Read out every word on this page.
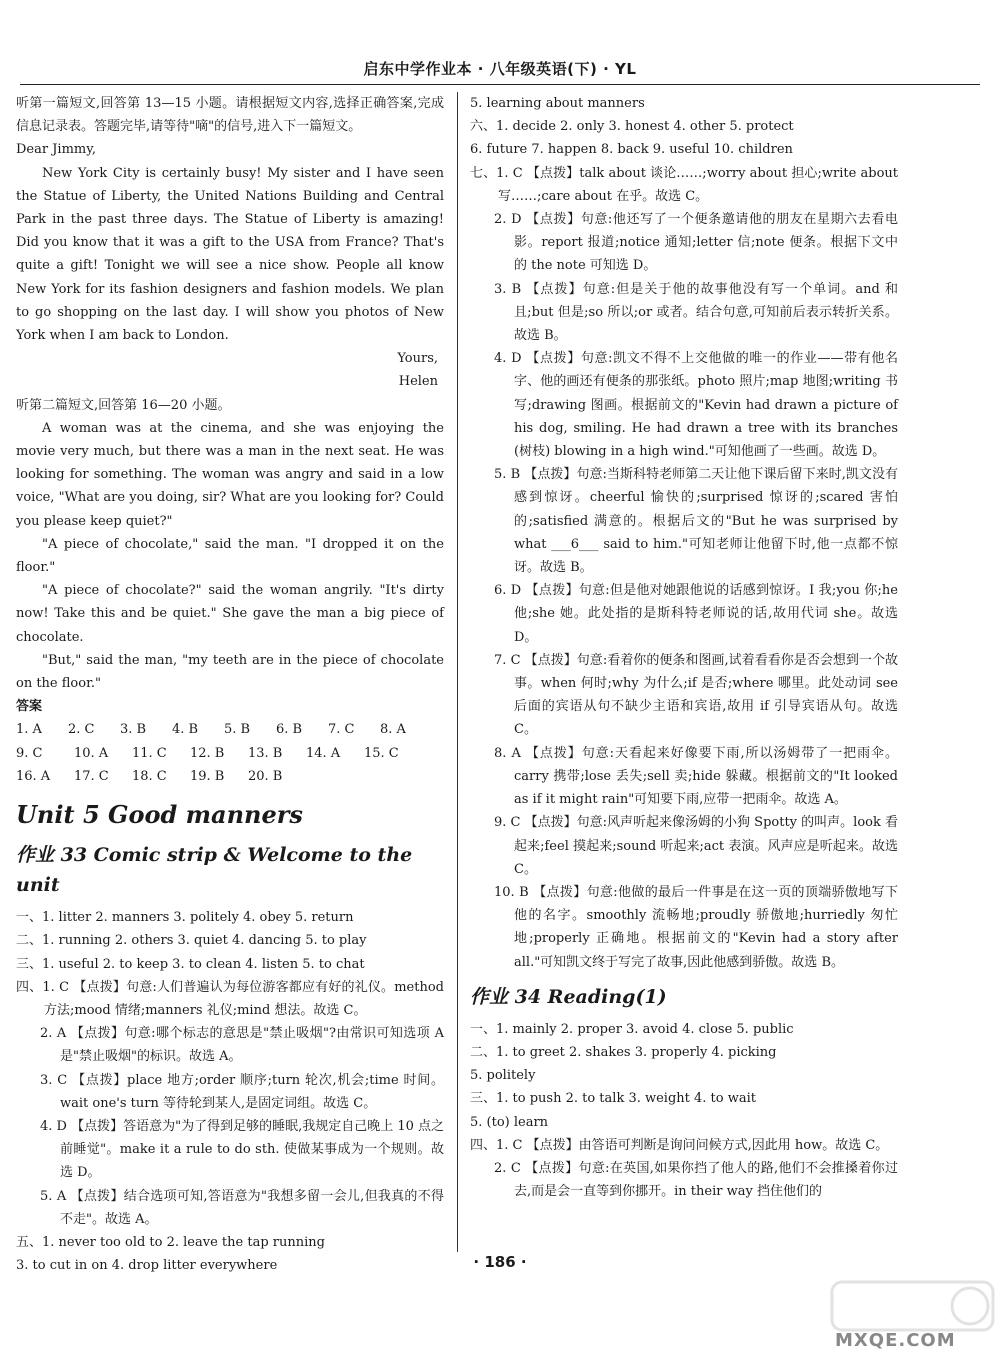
启东中学作业本 · 八年级英语(下) · YL
听第一篇短文,回答第 13—15 小题。请根据短文内容,选择正确答案,完成信息记录表。答题完毕,请等待"嘀"的信号,进入下一篇短文。
Dear Jimmy,
New York City is certainly busy! My sister and I have seen the Statue of Liberty, the United Nations Building and Central Park in the past three days. The Statue of Liberty is amazing! Did you know that it was a gift to the USA from France? That's quite a gift! Tonight we will see a nice show. People all know New York for its fashion designers and fashion models. We plan to go shopping on the last day. I will show you photos of New York when I am back to London.
Yours,
Helen
听第二篇短文,回答第 16—20 小题。
A woman was at the cinema, and she was enjoying the movie very much, but there was a man in the next seat. He was looking for something. The woman was angry and said in a low voice, "What are you doing, sir? What are you looking for? Could you please keep quiet?"
"A piece of chocolate," said the man. "I dropped it on the floor."
"A piece of chocolate?" said the woman angrily. "It's dirty now! Take this and be quiet." She gave the man a big piece of chocolate.
"But," said the man, "my teeth are in the piece of chocolate on the floor."
答案
1. A	2. C	3. B	4. B	5. B	6. B	7. C	8. A
9. C	10. A	11. C	12. B	13. B	14. A	15. C
16. A	17. C	18. C	19. B	20. B
Unit 5 Good manners
作业 33 Comic strip & Welcome to the unit
一、1. litter 2. manners 3. politely 4. obey 5. return
二、1. running 2. others 3. quiet 4. dancing 5. to play
三、1. useful 2. to keep 3. to clean 4. listen 5. to chat
四、1. C 【点拨】句意:人们普遍认为每位游客都应有好的礼仪。method 方法;mood 情绪;manners 礼仪;mind 想法。故选 C。
2. A 【点拨】句意:哪个标志的意思是"禁止吸烟"?由常识可知选项 A 是"禁止吸烟"的标识。故选 A。
3. C 【点拨】place 地方;order 顺序;turn 轮次,机会;time 时间。wait one's turn 等待轮到某人,是固定词组。故选 C。
4. D 【点拨】答语意为"为了得到足够的睡眠,我规定自己晚上 10 点之前睡觉"。make it a rule to do sth. 使做某事成为一个规则。故选 D。
5. A 【点拨】结合选项可知,答语意为"我想多留一会儿,但我真的不得不走"。故选 A。
五、1. never too old to 2. leave the tap running
3. to cut in on 4. drop litter everywhere
5. learning about manners
六、1. decide 2. only 3. honest 4. other 5. protect
6. future 7. happen 8. back 9. useful 10. children
七、1. C 【点拨】talk about 谈论……;worry about 担心;write about 写……;care about 在乎。故选 C。
2. D 【点拨】句意:他还写了一个便条邀请他的朋友在星期六去看电影。report 报道;notice 通知;letter 信;note 便条。根据下文中的 the note 可知选 D。
3. B 【点拨】句意:但是关于他的故事他没有写一个单词。and 和且;but 但是;so 所以;or 或者。结合句意,可知前后表示转折关系。故选 B。
4. D 【点拨】句意:凯文不得不上交他做的唯一的作业——带有他名字、他的画还有便条的那张纸。photo 照片;map 地图;writing 书写;drawing 图画。根据前文的"Kevin had drawn a picture of his dog, smiling. He had drawn a tree with its branches (树枝) blowing in a high wind."可知他画了一些画。故选 D。
5. B 【点拨】句意:当斯科特老师第二天让他下课后留下来时,凯文没有感到惊讶。cheerful 愉快的;surprised 惊讶的;scared 害怕的;satisfied 满意的。根据后文的"But he was surprised by what ___6___ said to him."可知老师让他留下时,他一点都不惊讶。故选 B。
6. D 【点拨】句意:但是他对她跟他说的话感到惊讶。I 我;you 你;he 他;she 她。此处指的是斯科特老师说的话,故用代词 she。故选 D。
7. C 【点拨】句意:看着你的便条和图画,试着看看你是否会想到一个故事。when 何时;why 为什么;if 是否;where 哪里。此处动词 see 后面的宾语从句不缺少主语和宾语,故用 if 引导宾语从句。故选 C。
8. A 【点拨】句意:天看起来好像要下雨,所以汤姆带了一把雨伞。carry 携带;lose 丢失;sell 卖;hide 躲藏。根据前文的"It looked as if it might rain"可知要下雨,应带一把雨伞。故选 A。
9. C 【点拨】句意:风声听起来像汤姆的小狗 Spotty 的叫声。look 看起来;feel 摸起来;sound 听起来;act 表演。风声应是听起来。故选 C。
10. B 【点拨】句意:他做的最后一件事是在这一页的顶端骄傲地写下他的名字。smoothly 流畅地;proudly 骄傲地;hurriedly 匆忙地;properly 正确地。根据前文的"Kevin had a story after all."可知凯文终于写完了故事,因此他感到骄傲。故选 B。
作业 34 Reading(1)
一、1. mainly 2. proper 3. avoid 4. close 5. public
二、1. to greet 2. shakes 3. properly 4. picking
5. politely
三、1. to push 2. to talk 3. weight 4. to wait
5. (to) learn
四、1. C 【点拨】由答语可判断是询问问候方式,因此用 how。故选 C。
2. C 【点拨】句意:在英国,如果你挡了他人的路,他们不会推搡着你过去,而是会一直等到你挪开。in their way 挡住他们的
· 186 ·
MXQE.COM
